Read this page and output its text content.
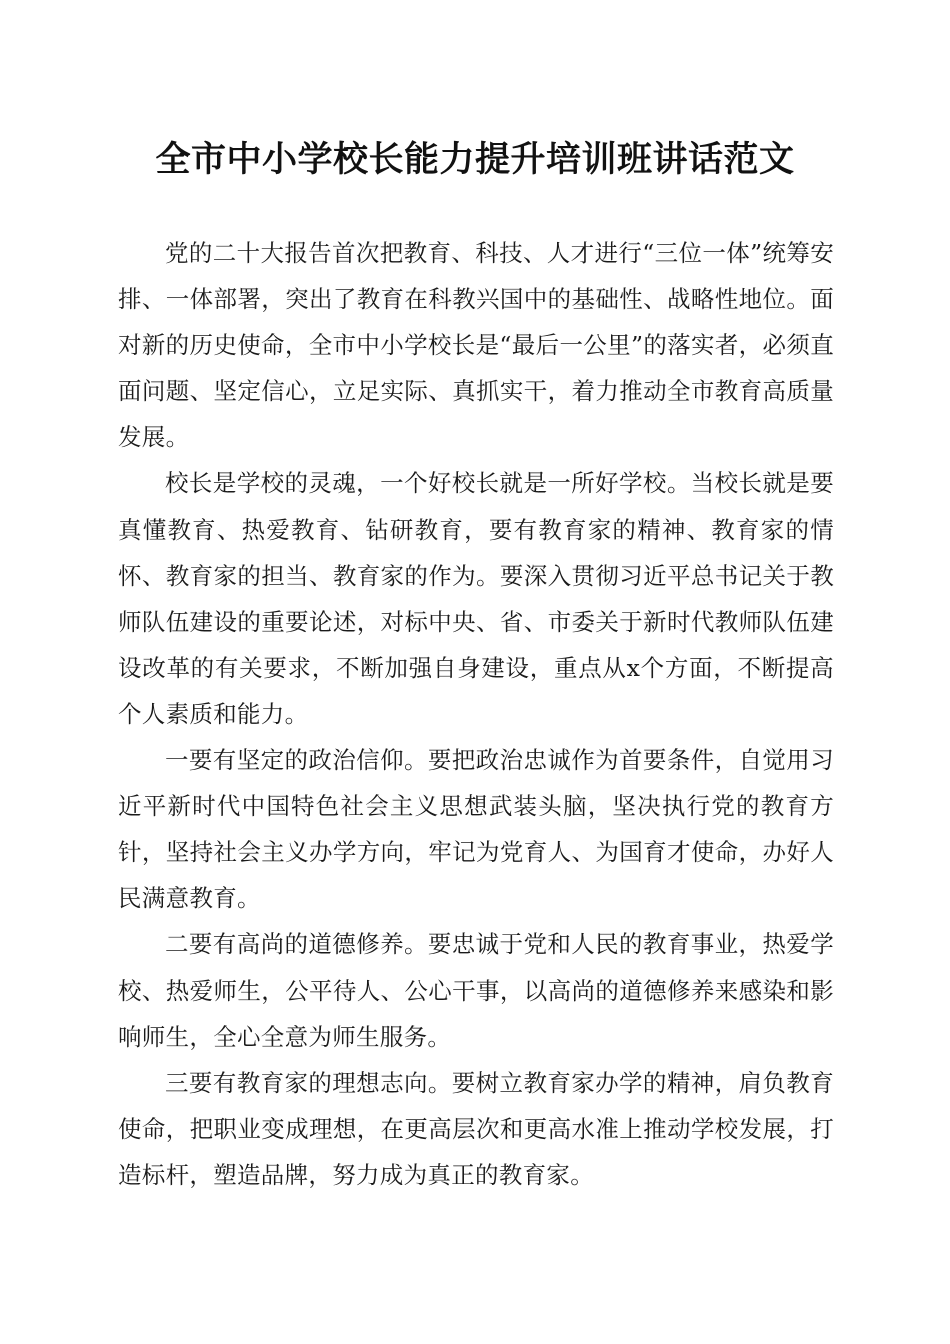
全市中小学校长能力提升培训班讲话范文

党的二十大报告首次把教育、科技、人才进行“三位一体”统筹安排、一体部署，突出了教育在科教兴国中的基础性、战略性地位。面对新的历史使命，全市中小学校长是“最后一公里”的落实者，必须直面问题、坚定信心，立足实际、真抓实干，着力推动全市教育高质量发展。

校长是学校的灵魂，一个好校长就是一所好学校。当校长就是要真懂教育、热爱教育、钻研教育，要有教育家的精神、教育家的情怀、教育家的担当、教育家的作为。要深入贯彻习近平总书记关于教师队伍建设的重要论述，对标中央、省、市委关于新时代教师队伍建设改革的有关要求，不断加强自身建设，重点从x个方面，不断提高个人素质和能力。

一要有坚定的政治信仰。要把政治忠诚作为首要条件，自觉用习近平新时代中国特色社会主义思想武装头脑，坚决执行党的教育方针，坚持社会主义办学方向，牢记为党育人、为国育才使命，办好人民满意教育。

二要有高尚的道德修养。要忠诚于党和人民的教育事业，热爱学校、热爱师生，公平待人、公心干事，以高尚的道德修养来感染和影响师生，全心全意为师生服务。

三要有教育家的理想志向。要树立教育家办学的精神，肩负教育使命，把职业变成理想，在更高层次和更高水准上推动学校发展，打造标杆，塑造品牌，努力成为真正的教育家。
